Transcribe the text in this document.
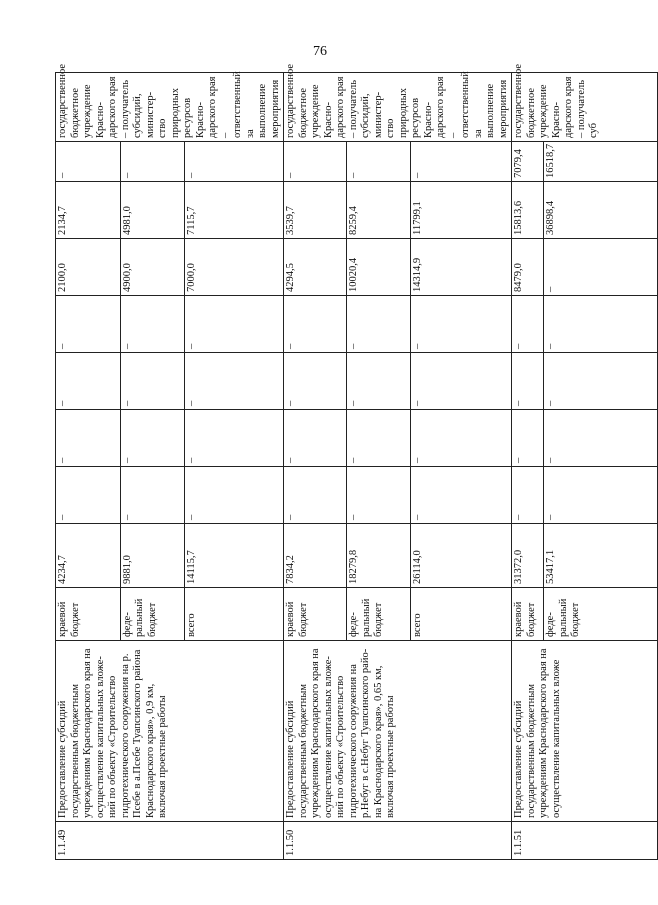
76
1.1.49	Предоставление субсидий государственным бюджетным учреждениям Краснодарского края на осуществление капитальных вложений по объекту «Строительство гидротехнического сооружения на р. Псебе в а.Псебе Туапсинского района Краснодарского края», 0,9 км, включая проектные работы	краевой бюджет	4234,7	–	–	–	–	2100,0	2134,7	–	государственное бюджетное учреждение Краснодарского края – получатель субсидий, министерство природных ресурсов Краснодарского края – ответственный за выполнение мероприятия
		федеральный бюджет	9881,0	–	–	–	–	4900,0	4981,0	–	
		всего	14115,7	–	–	–	–	7000,0	7115,7	–	
1.1.50	Предоставление субсидий государственным бюджетным учреждениям Краснодарского края на осуществление капитальных вложений по объекту «Строительство гидротехнического сооружения на р.Небуг в с.Небуг Туапсинского района Краснодарского края», 0,65 км, включая проектные работы	краевой бюджет	7834,2	–	–	–	–	4294,5	3539,7	–	государственное бюджетное учреждение Краснодарского края – получатель субсидий, министерство природных ресурсов Краснодарского края – ответственный за выполнение мероприятия
		федеральный бюджет	18279,8	–	–	–	–	10020,4	8259,4	–	
		всего	26114,0	–	–	–	–	14314,9	11799,1	–	
1.1.51	Предоставление субсидий государственным бюджетным учреждениям Краснодарского края на осуществление капитальных вложе	краевой бюджет	31372,0	–	–	–	–	8479,0	15813,6	7079,4	государственное бюджетное учреждение Краснодарского края – получатель суб
		федеральный бюджет	53417,1	–	–	–	–	–	36898,4	16518,7	
